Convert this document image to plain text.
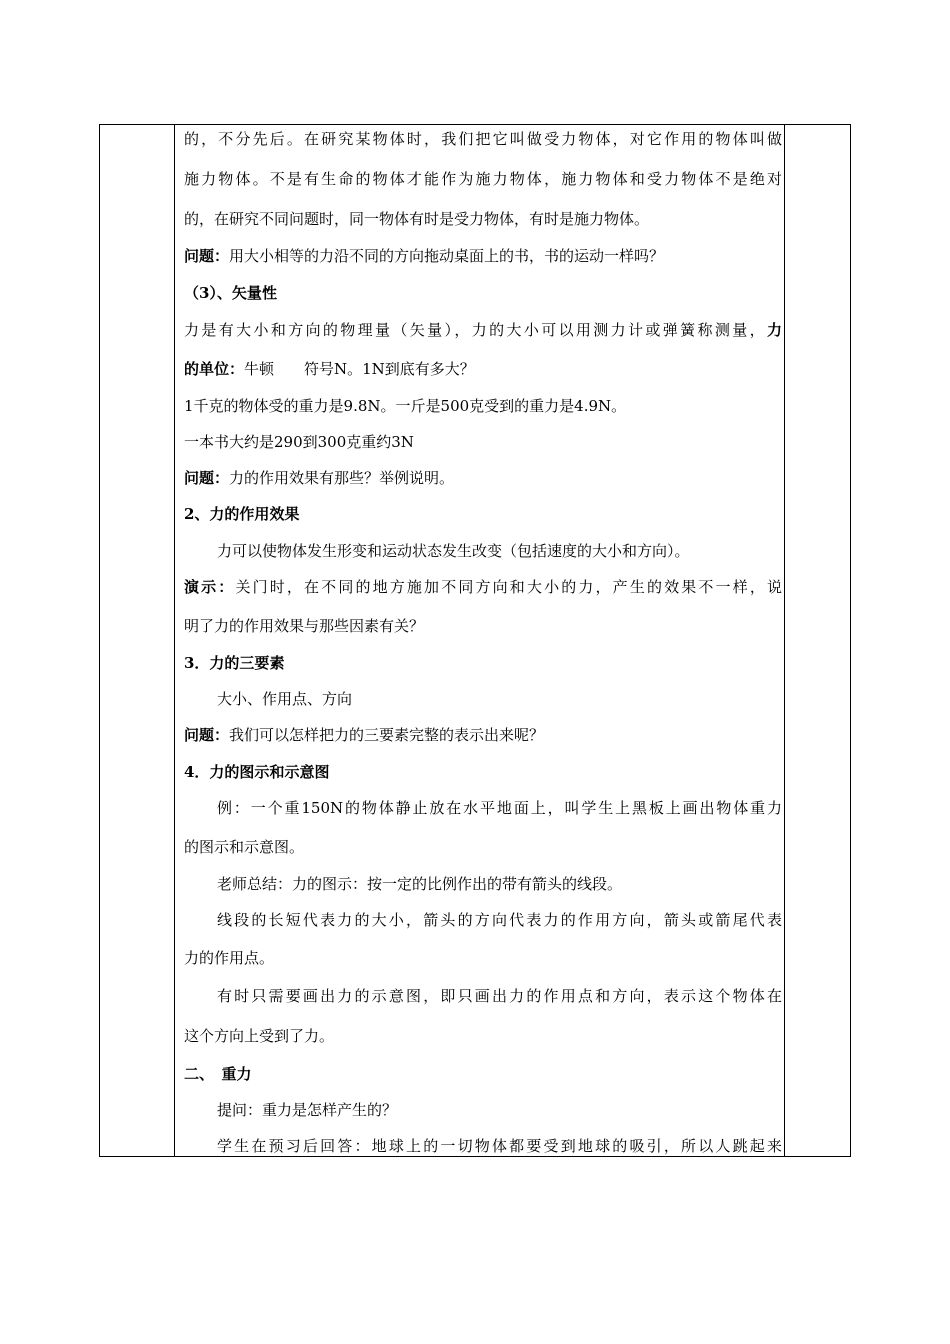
的，不分先后。在研究某物体时，我们把它叫做受力物体，对它作用的物体叫做
施力物体。不是有生命的物体才能作为施力物体，施力物体和受力物体不是绝对
的，在研究不同问题时，同一物体有时是受力物体，有时是施力物体。
问题：用大小相等的力沿不同的方向拖动桌面上的书，书的运动一样吗？
（3）、矢量性
力是有大小和方向的物理量（矢量），力的大小可以用测力计或弹簧称测量，力
的单位：牛顿　　符号N。1N到底有多大？
1千克的物体受的重力是9.8N。一斤是500克受到的重力是4.9N。
一本书大约是290到300克重约3N
问题：力的作用效果有那些？举例说明。
2、力的作用效果
力可以使物体发生形变和运动状态发生改变（包括速度的大小和方向）。
演示：关门时，在不同的地方施加不同方向和大小的力，产生的效果不一样，说
明了力的作用效果与那些因素有关？
3．力的三要素
大小、作用点、方向
问题：我们可以怎样把力的三要素完整的表示出来呢？
4．力的图示和示意图
例：一个重150N的物体静止放在水平地面上，叫学生上黑板上画出物体重力
的图示和示意图。
老师总结：力的图示：按一定的比例作出的带有箭头的线段。
线段的长短代表力的大小，箭头的方向代表力的作用方向，箭头或箭尾代表
力的作用点。
有时只需要画出力的示意图，即只画出力的作用点和方向，表示这个物体在
这个方向上受到了力。
二、　重力
提问：重力是怎样产生的？
学生在预习后回答：地球上的一切物体都要受到地球的吸引，所以人跳起来
